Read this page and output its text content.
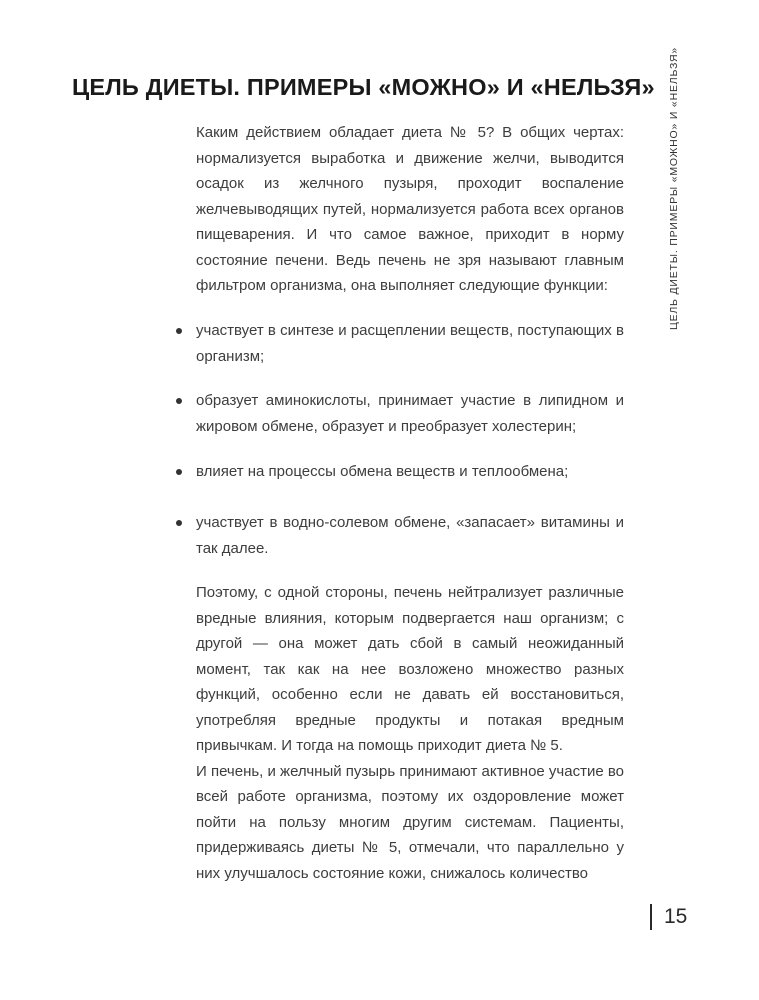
ЦЕЛЬ ДИЕТЫ. ПРИМЕРЫ «МОЖНО» И «НЕЛЬЗЯ» ЦЕЛЬ ДИЕТЫ. ПРИМЕРЫ «МОЖНО» И «НЕЛЬЗЯ»

Каким действием обладает диета № 5? В общих чертах: нормализуется выработка и движение желчи, выводится осадок из желчного пузыря, проходит воспаление желчевыводящих путей, нормализуется работа всех органов пищеварения. И что самое важное, приходит в норму состояние печени. Ведь печень не зря называют главным фильтром организма, она выполняет следующие функции:

участвует в синтезе и расщеплении веществ, поступающих в организм;
образует аминокислоты, принимает участие в липидном и жировом обмене, образует и преобразует холестерин;
влияет на процессы обмена веществ и теплообмена;
участвует в водно-солевом обмене, «запасает» витамины и так далее.
Поэтому, с одной стороны, печень нейтрализует различные вредные влияния, которым подвергается наш организм; с другой — она может дать сбой в самый неожиданный момент, так как на нее возложено множество разных функций, особенно если не давать ей восстановиться, употребляя вредные продукты и потакая вредным привычкам. И тогда на помощь приходит диета № 5.
И печень, и желчный пузырь принимают активное участие во всей работе организма, поэтому их оздоровление может пойти на пользу многим другим системам. Пациенты, придерживаясь диеты № 5, отмечали, что параллельно у них улучшалось состояние кожи, снижалось количество
15
